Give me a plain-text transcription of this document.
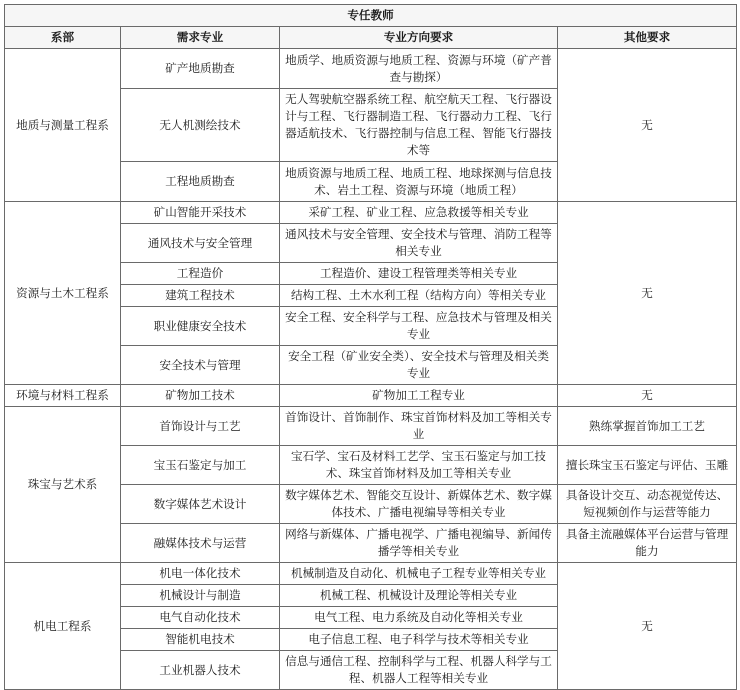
专任教师			
系部	需求专业	专业方向要求	其他要求
地质与测量工程系	矿产地质勘查	地质学、地质资源与地质工程、资源与环境（矿产普查与勘探）	无
	无人机测绘技术	无人驾驶航空器系统工程、航空航天工程、飞行器设计与工程、飞行器制造工程、飞行器动力工程、飞行器适航技术、飞行器控制与信息工程、智能飞行器技术等	
	工程地质勘查	地质资源与地质工程、地质工程、地球探测与信息技术、岩土工程、资源与环境（地质工程）	
资源与土木工程系	矿山智能开采技术	采矿工程、矿业工程、应急救援等相关专业	无
	通风技术与安全管理	通风技术与安全管理、安全技术与管理、消防工程等相关专业	
	工程造价	工程造价、建设工程管理类等相关专业	
	建筑工程技术	结构工程、土木水利工程（结构方向）等相关专业	
	职业健康安全技术	安全工程、安全科学与工程、应急技术与管理及相关专业	
	安全技术与管理	安全工程（矿业安全类）、安全技术与管理及相关类专业	
环境与材料工程系	矿物加工技术	矿物加工工程专业	无
珠宝与艺术系	首饰设计与工艺	首饰设计、首饰制作、珠宝首饰材料及加工等相关专业	熟练掌握首饰加工工艺
	宝玉石鉴定与加工	宝石学、宝石及材料工艺学、宝玉石鉴定与加工技术、珠宝首饰材料及加工等相关专业	擅长珠宝玉石鉴定与评估、玉雕
	数字媒体艺术设计	数字媒体艺术、智能交互设计、新媒体艺术、数字媒体技术、广播电视编导等相关专业	具备设计交互、动态视觉传达、短视频创作与运营等能力
	融媒体技术与运营	网络与新媒体、广播电视学、广播电视编导、新闻传播学等相关专业	具备主流融媒体平台运营与管理能力
机电工程系	机电一体化技术	机械制造及自动化、机械电子工程专业等相关专业	无
	机械设计与制造	机械工程、机械设计及理论等相关专业	
	电气自动化技术	电气工程、电力系统及自动化等相关专业	
	智能机电技术	电子信息工程、电子科学与技术等相关专业	
	工业机器人技术	信息与通信工程、控制科学与工程、机器人科学与工程、机器人工程等相关专业	
